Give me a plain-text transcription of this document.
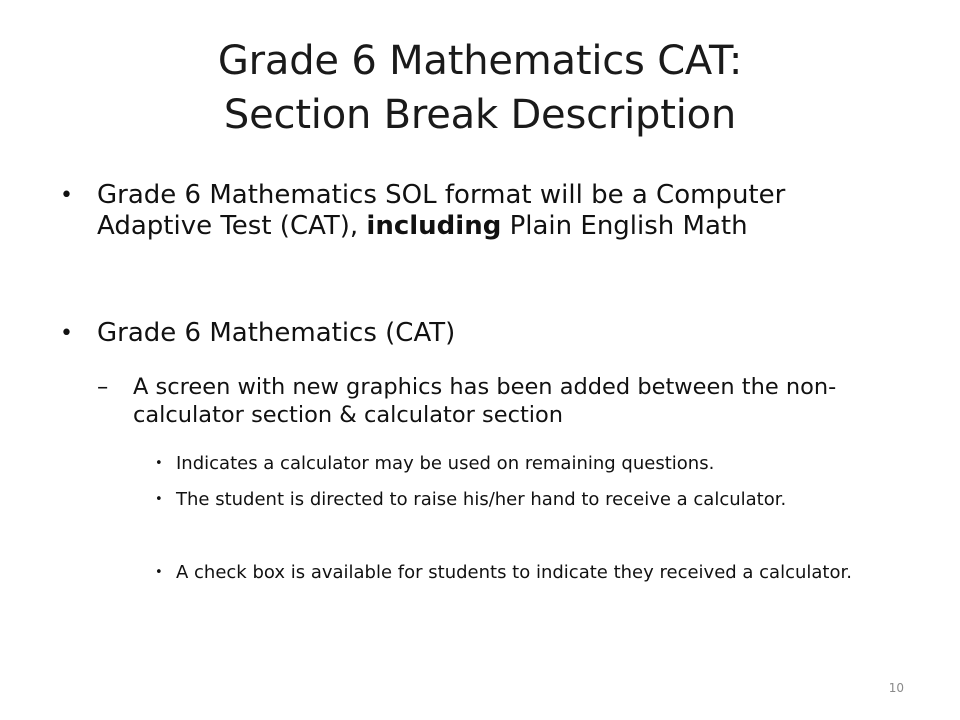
Grade 6 Mathematics CAT:
Section Break Description
• Grade 6 Mathematics SOL format will be a Computer Adaptive Test (CAT), including Plain English Math
• Grade 6 Mathematics (CAT)
– A screen with new graphics has been added between the non-calculator section & calculator section
• Indicates a calculator may be used on remaining questions.
• The student is directed to raise his/her hand to receive a calculator.
• A check box is available for students to indicate they received a calculator.
10
